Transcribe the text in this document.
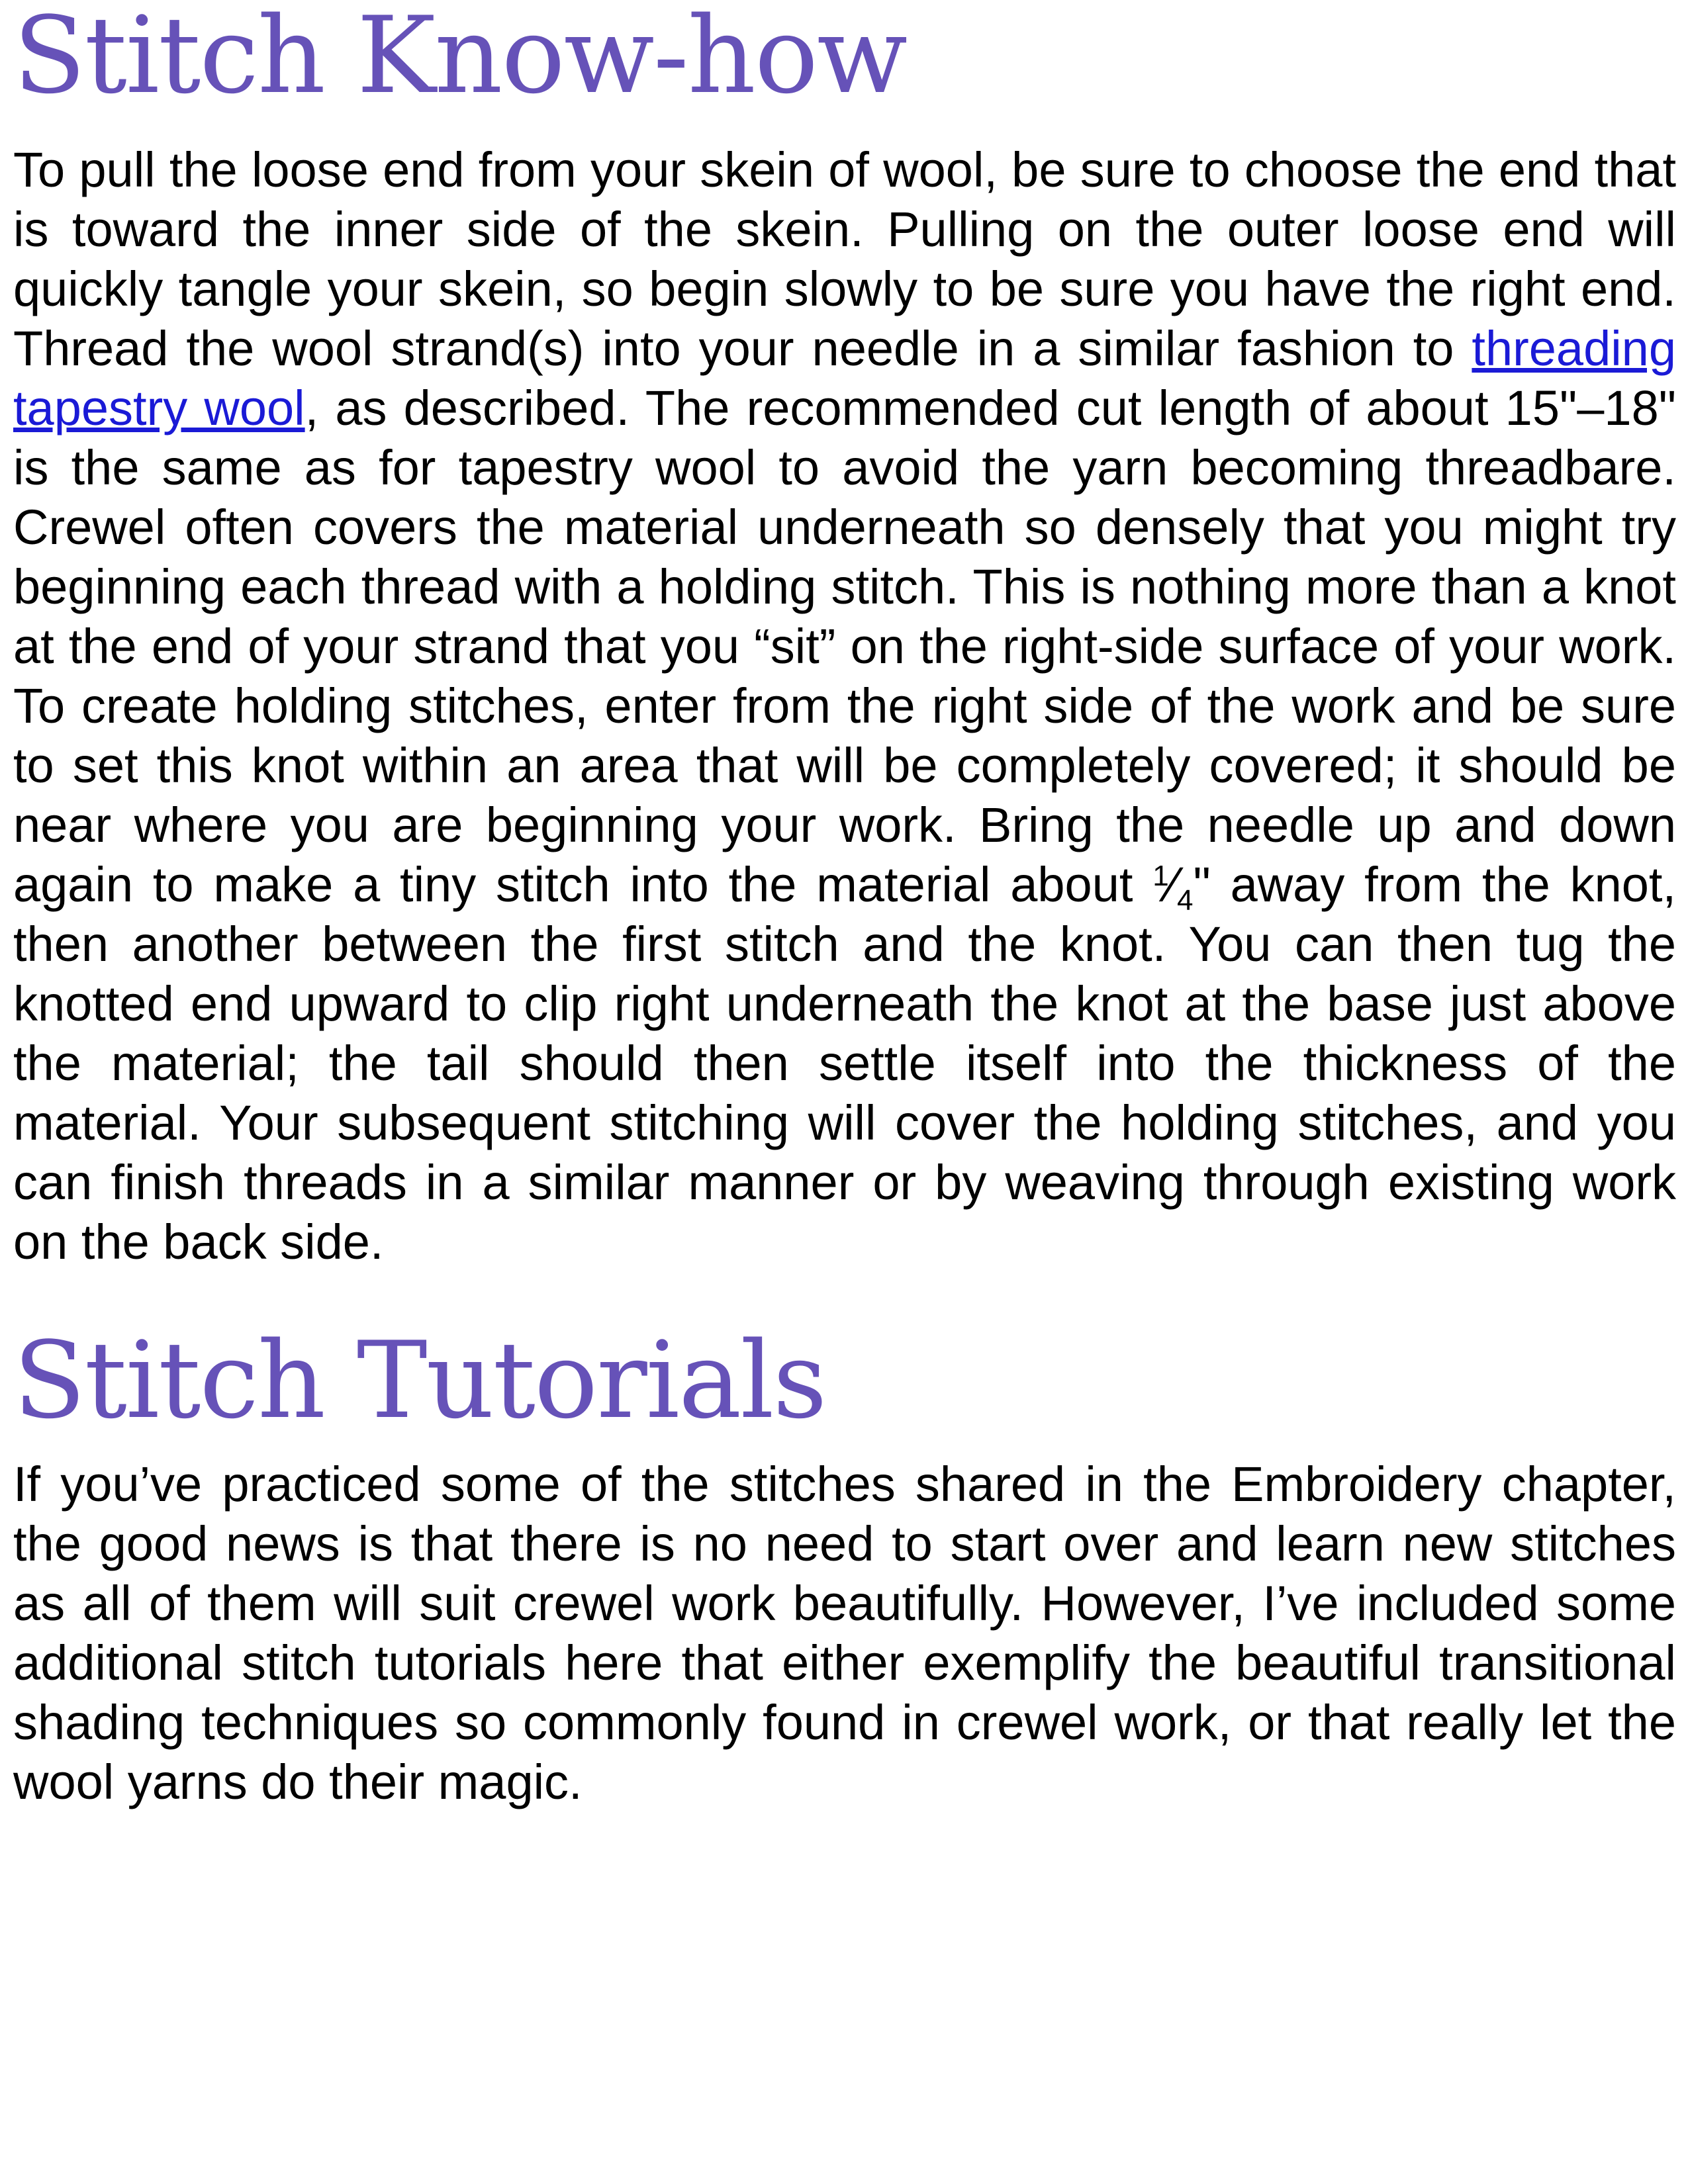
Stitch Know-how

To pull the loose end from your skein of wool, be sure to choose the end that is toward the inner side of the skein. Pulling on the outer loose end will quickly tangle your skein, so begin slowly to be sure you have the right end. Thread the wool strand(s) into your needle in a similar fashion to threading tapestry wool, as described. The recommended cut length of about 15"–18" is the same as for tapestry wool to avoid the yarn becoming threadbare. Crewel often covers the material underneath so densely that you might try beginning each thread with a holding stitch. This is nothing more than a knot at the end of your strand that you “sit” on the right-side surface of your work. To create holding stitches, enter from the right side of the work and be sure to set this knot within an area that will be completely covered; it should be near where you are beginning your work. Bring the needle up and down again to make a tiny stitch into the material about $^1⁄_4$" away from the knot, then another between the first stitch and the knot. You can then tug the knotted end upward to clip right underneath the knot at the base just above the material; the tail should then settle itself into the thickness of the material. Your subsequent stitching will cover the holding stitches, and you can finish threads in a similar manner or by weaving through existing work on the back side.

Stitch Tutorials

If you’ve practiced some of the stitches shared in the Embroidery chapter, the good news is that there is no need to start over and learn new stitches as all of them will suit crewel work beautifully. However, I’ve included some additional stitch tutorials here that either exemplify the beautiful transitional shading techniques so commonly found in crewel work, or that really let the wool yarns do their magic.
